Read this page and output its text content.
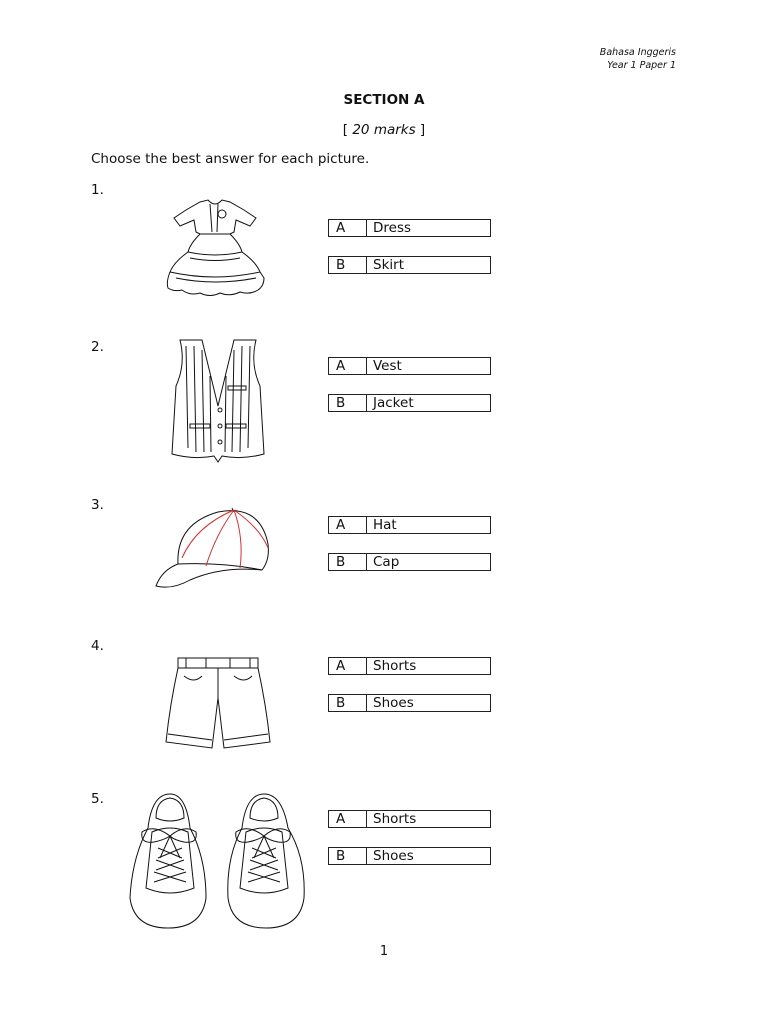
Bahasa Inggeris
Year 1 Paper 1
SECTION A
[ 20 marks ]
Choose the best answer for each picture.
1.
A	Dress
B	Skirt
2.
A	Vest
B	Jacket
3.
A	Hat
B	Cap
4.
A	Shorts
B	Shoes
5.
A	Shorts
B	Shoes
1
